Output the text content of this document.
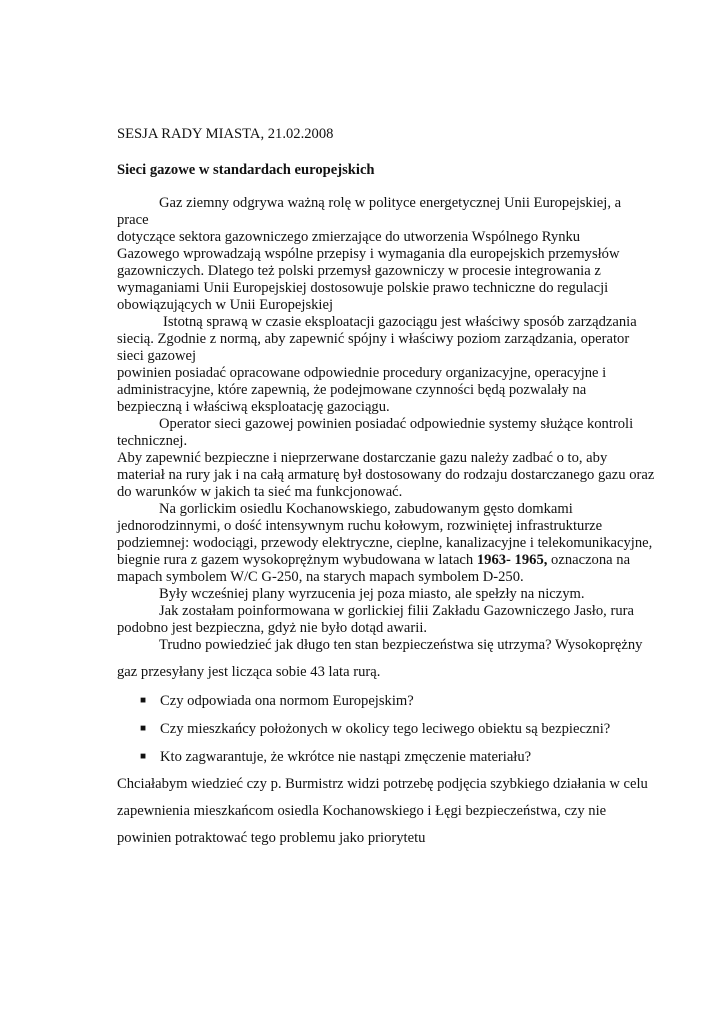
SESJA RADY MIASTA, 21.02.2008
Sieci gazowe w standardach europejskich
Gaz ziemny odgrywa ważną rolę w polityce energetycznej Unii Europejskiej, a
prace
dotyczące sektora gazowniczego zmierzające do utworzenia Wspólnego Rynku
Gazowego wprowadzają wspólne przepisy i wymagania dla europejskich przemysłów
gazowniczych. Dlatego też polski przemysł gazowniczy w procesie integrowania z
wymaganiami Unii Europejskiej dostosowuje polskie prawo techniczne do regulacji
obowiązujących w Unii Europejskiej
Istotną sprawą w czasie eksploatacji gazociągu jest właściwy sposób zarządzania
siecią. Zgodnie z normą, aby zapewnić spójny i właściwy poziom zarządzania, operator
sieci gazowej
powinien posiadać opracowane odpowiednie procedury organizacyjne, operacyjne i
administracyjne, które zapewnią, że podejmowane czynności będą pozwalały na
bezpieczną i właściwą eksploatację gazociągu.
Operator sieci gazowej powinien posiadać odpowiednie systemy służące kontroli
technicznej.
Aby zapewnić bezpieczne i nieprzerwane dostarczanie gazu należy zadbać o to, aby
materiał na rury jak i na całą armaturę był dostosowany do rodzaju dostarczanego gazu oraz
do warunków w jakich ta sieć ma funkcjonować.
Na gorlickim osiedlu Kochanowskiego, zabudowanym gęsto domkami
jednorodzinnymi, o dość intensywnym ruchu kołowym, rozwiniętej infrastrukturze
podziemnej: wodociągi, przewody elektryczne, cieplne, kanalizacyjne i telekomunikacyjne,
biegnie rura z gazem wysokoprężnym wybudowana w latach 1963- 1965, oznaczona na
mapach symbolem W/C G-250, na starych mapach symbolem D-250.
Były wcześniej plany wyrzucenia jej poza miasto, ale spełzły na niczym.
Jak zostałam poinformowana w gorlickiej filii Zakładu Gazowniczego Jasło, rura
podobno jest bezpieczna, gdyż nie było dotąd awarii.
Trudno powiedzieć jak długo ten stan bezpieczeństwa się utrzyma? Wysokoprężny
gaz przesyłany jest licząca sobie 43 lata rurą.
■ Czy odpowiada ona normom Europejskim?
■ Czy mieszkańcy położonych w okolicy tego leciwego obiektu są bezpieczni?
■ Kto zagwarantuje, że wkrótce nie nastąpi zmęczenie materiału?
Chciałabym wiedzieć czy p. Burmistrz widzi potrzebę podjęcia szybkiego działania w celu
zapewnienia mieszkańcom osiedla Kochanowskiego i Łęgi bezpieczeństwa, czy nie
powinien potraktować tego problemu jako priorytetu
